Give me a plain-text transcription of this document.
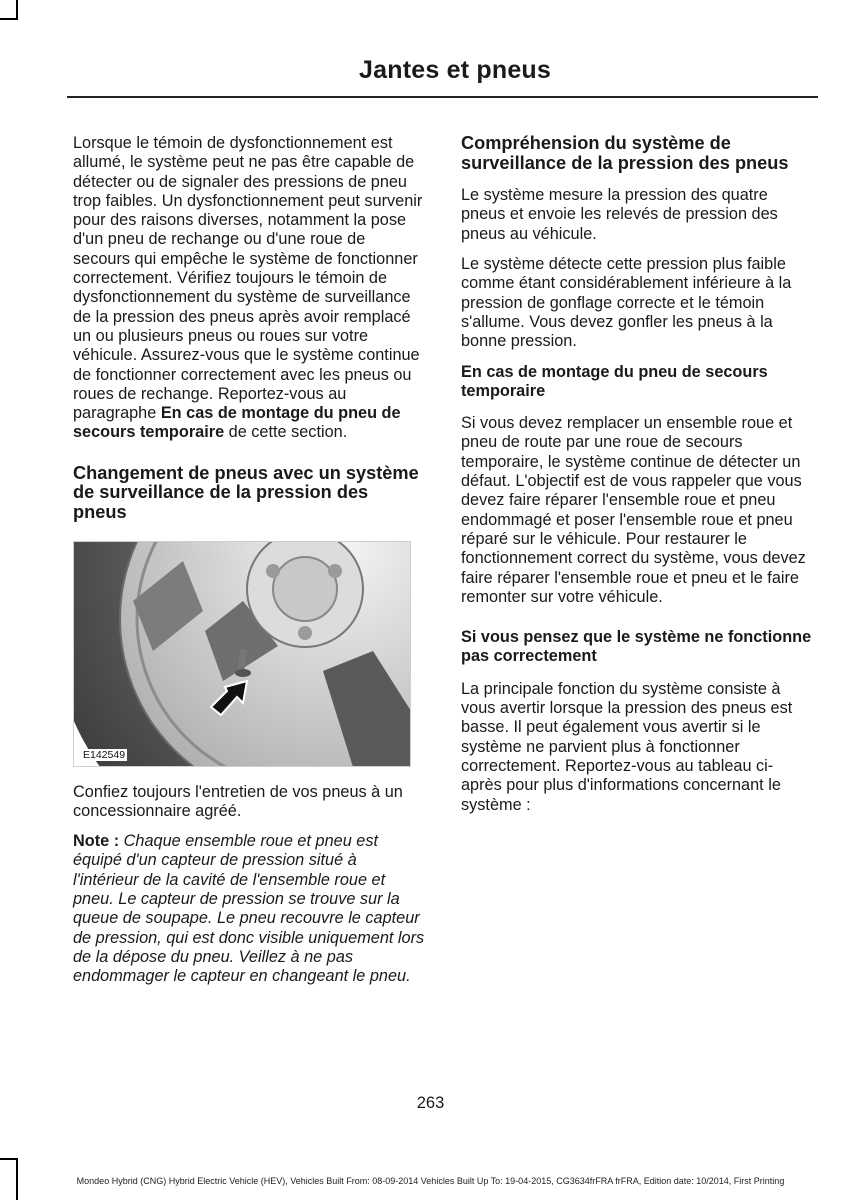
Jantes et pneus

Lorsque le témoin de dysfonctionnement est allumé, le système peut ne pas être capable de détecter ou de signaler des pressions de pneu trop faibles. Un dysfonctionnement peut survenir pour des raisons diverses, notamment la pose d'un pneu de rechange ou d'une roue de secours qui empêche le système de fonctionner correctement. Vérifiez toujours le témoin de dysfonctionnement du système de surveillance de la pression des pneus après avoir remplacé un ou plusieurs pneus ou roues sur votre véhicule. Assurez-vous que le système continue de fonctionner correctement avec les pneus ou roues de rechange. Reportez-vous au paragraphe En cas de montage du pneu de secours temporaire de cette section.

Changement de pneus avec un système de surveillance de la pression des pneus
E142549

Confiez toujours l'entretien de vos pneus à un concessionnaire agréé.

Note : Chaque ensemble roue et pneu est équipé d'un capteur de pression situé à l'intérieur de la cavité de l'ensemble roue et pneu. Le capteur de pression se trouve sur la queue de soupape. Le pneu recouvre le capteur de pression, qui est donc visible uniquement lors de la dépose du pneu. Veillez à ne pas endommager le capteur en changeant le pneu.

Compréhension du système de surveillance de la pression des pneus

Le système mesure la pression des quatre pneus et envoie les relevés de pression des pneus au véhicule.

Le système détecte cette pression plus faible comme étant considérablement inférieure à la pression de gonflage correcte et le témoin s'allume. Vous devez gonfler les pneus à la bonne pression.

En cas de montage du pneu de secours temporaire

Si vous devez remplacer un ensemble roue et pneu de route par une roue de secours temporaire, le système continue de détecter un défaut. L'objectif est de vous rappeler que vous devez faire réparer l'ensemble roue et pneu endommagé et poser l'ensemble roue et pneu réparé sur le véhicule. Pour restaurer le fonctionnement correct du système, vous devez faire réparer l'ensemble roue et pneu et le faire remonter sur votre véhicule.

Si vous pensez que le système ne fonctionne pas correctement

La principale fonction du système consiste à vous avertir lorsque la pression des pneus est basse. Il peut également vous avertir si le système ne parvient plus à fonctionner correctement. Reportez-vous au tableau ci-après pour plus d'informations concernant le système :

263
Mondeo Hybrid (CNG) Hybrid Electric Vehicle (HEV), Vehicles Built From: 08-09-2014 Vehicles Built Up To: 19-04-2015, CG3634frFRA frFRA, Edition date: 10/2014, First Printing
